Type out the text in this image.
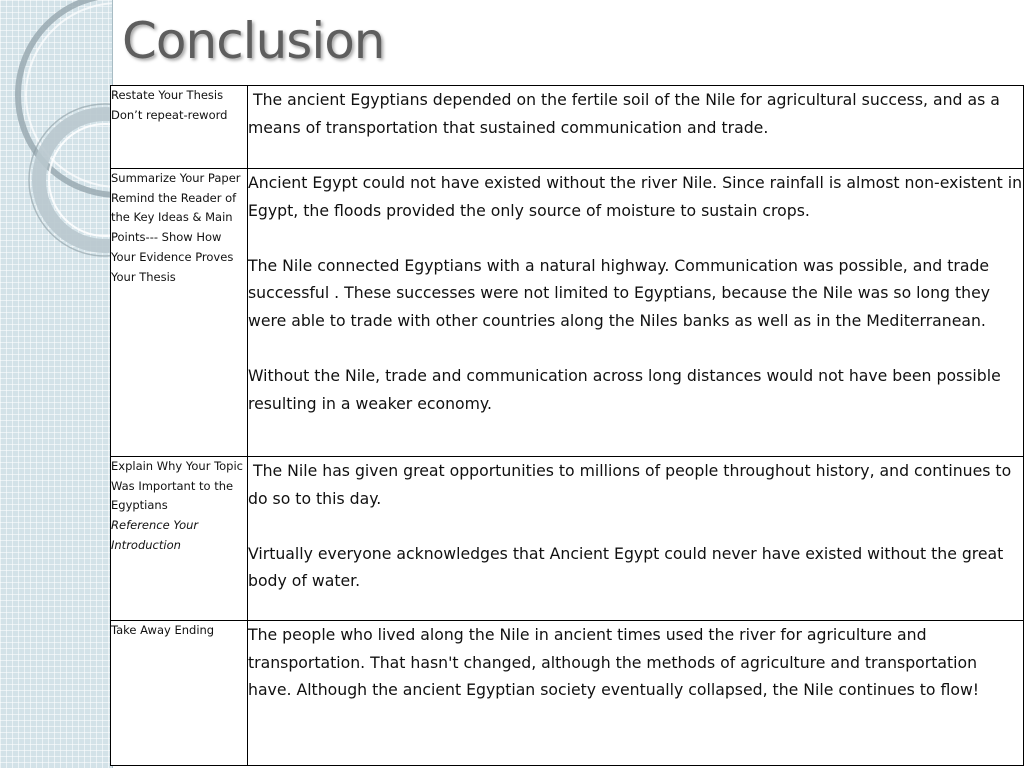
Conclusion
Restate Your Thesis
Don’t repeat-reword	The ancient Egyptians depended on the fertile soil of the Nile for agricultural success, and as a means of transportation that sustained communication and trade.

Summarize Your Paper
Remind the Reader of the Key Ideas & Main Points--- Show How Your Evidence Proves Your Thesis	Ancient Egypt could not have existed without the river Nile. Since rainfall is almost non-existent in Egypt, the floods provided the only source of moisture to sustain crops.
The Nile connected Egyptians with a natural highway. Communication was possible, and trade successful . These successes were not limited to Egyptians, because the Nile was so long they were able to trade with other countries along the Niles banks as well as in the Mediterranean.
Without the Nile, trade and communication across long distances would not have been possible resulting in a weaker economy.

Explain Why Your Topic Was Important to the Egyptians
Reference Your Introduction	The Nile has given great opportunities to millions of people throughout history, and continues to do so to this day.
Virtually everyone acknowledges that Ancient Egypt could never have existed without the great body of water.

Take Away Ending	The people who lived along the Nile in ancient times used the river for agriculture and transportation. That hasn't changed, although the methods of agriculture and transportation have. Although the ancient Egyptian society eventually collapsed, the Nile continues to flow!
